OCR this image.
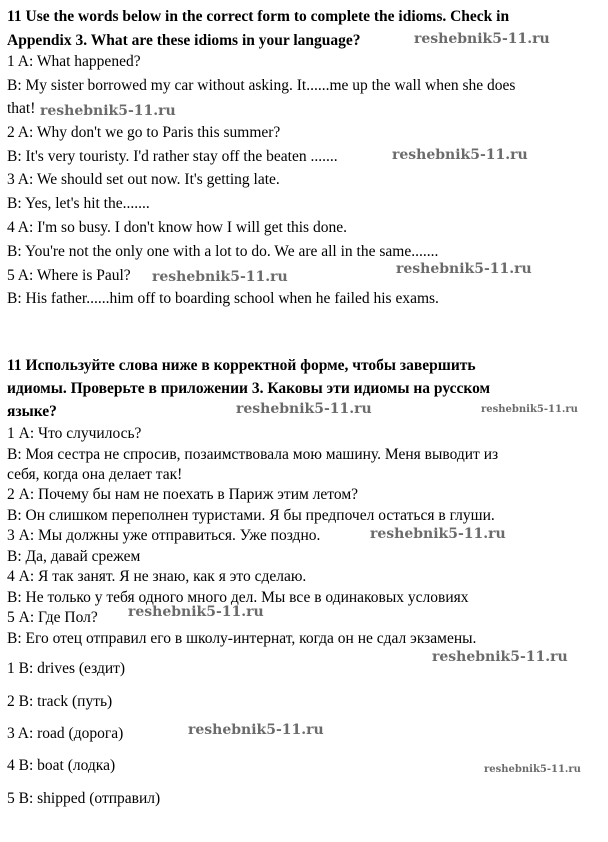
11 Use the words below in the correct form to complete the idioms. Check in
Appendix 3. What are these idioms in your language?
1 A: What happened?
B: My sister borrowed my car without asking. It......me up the wall when she does
that!
2 A: Why don't we go to Paris this summer?
B: It's very touristy. I'd rather stay off the beaten .......
3 A: We should set out now. It's getting late.
B: Yes, let's hit the.......
4 A: I'm so busy. I don't know how I will get this done.
B: You're not the only one with a lot to do. We are all in the same.......
5 A: Where is Paul?
B: His father......him off to boarding school when he failed his exams.
11 Используйте слова ниже в корректной форме, чтобы завершить
идиомы. Проверьте в приложении 3. Каковы эти идиомы на русском
языке?
1 А: Что случилось?
В: Моя сестра не спросив, позаимствовала мою машину. Меня выводит из
себя, когда она делает так!
2 А: Почему бы нам не поехать в Париж этим летом?
В: Он слишком переполнен туристами. Я бы предпочел остаться в глуши.
3 А: Мы должны уже отправиться. Уже поздно.
В: Да, давай срежем
4 А: Я так занят. Я не знаю, как я это сделаю.
В: Не только у тебя одного много дел. Мы все в одинаковых условиях
5 А: Где Пол?
В: Его отец отправил его в школу-интернат, когда он не сдал экзамены.
1 B: drives (ездит)
2 B: track (путь)
3 A: road (дорога)
4 B: boat (лодка)
5 B: shipped (отправил)
reshebnik5-11.ru
reshebnik5-11.ru
reshebnik5-11.ru
reshebnik5-11.ru	reshebnik5-11.ru
reshebnik5-11.ru	reshebnik5-11.ru
reshebnik5-11.ru
reshebnik5-11.ru
reshebnik5-11.ru
reshebnik5-11.ru
reshebnik5-11.ru
